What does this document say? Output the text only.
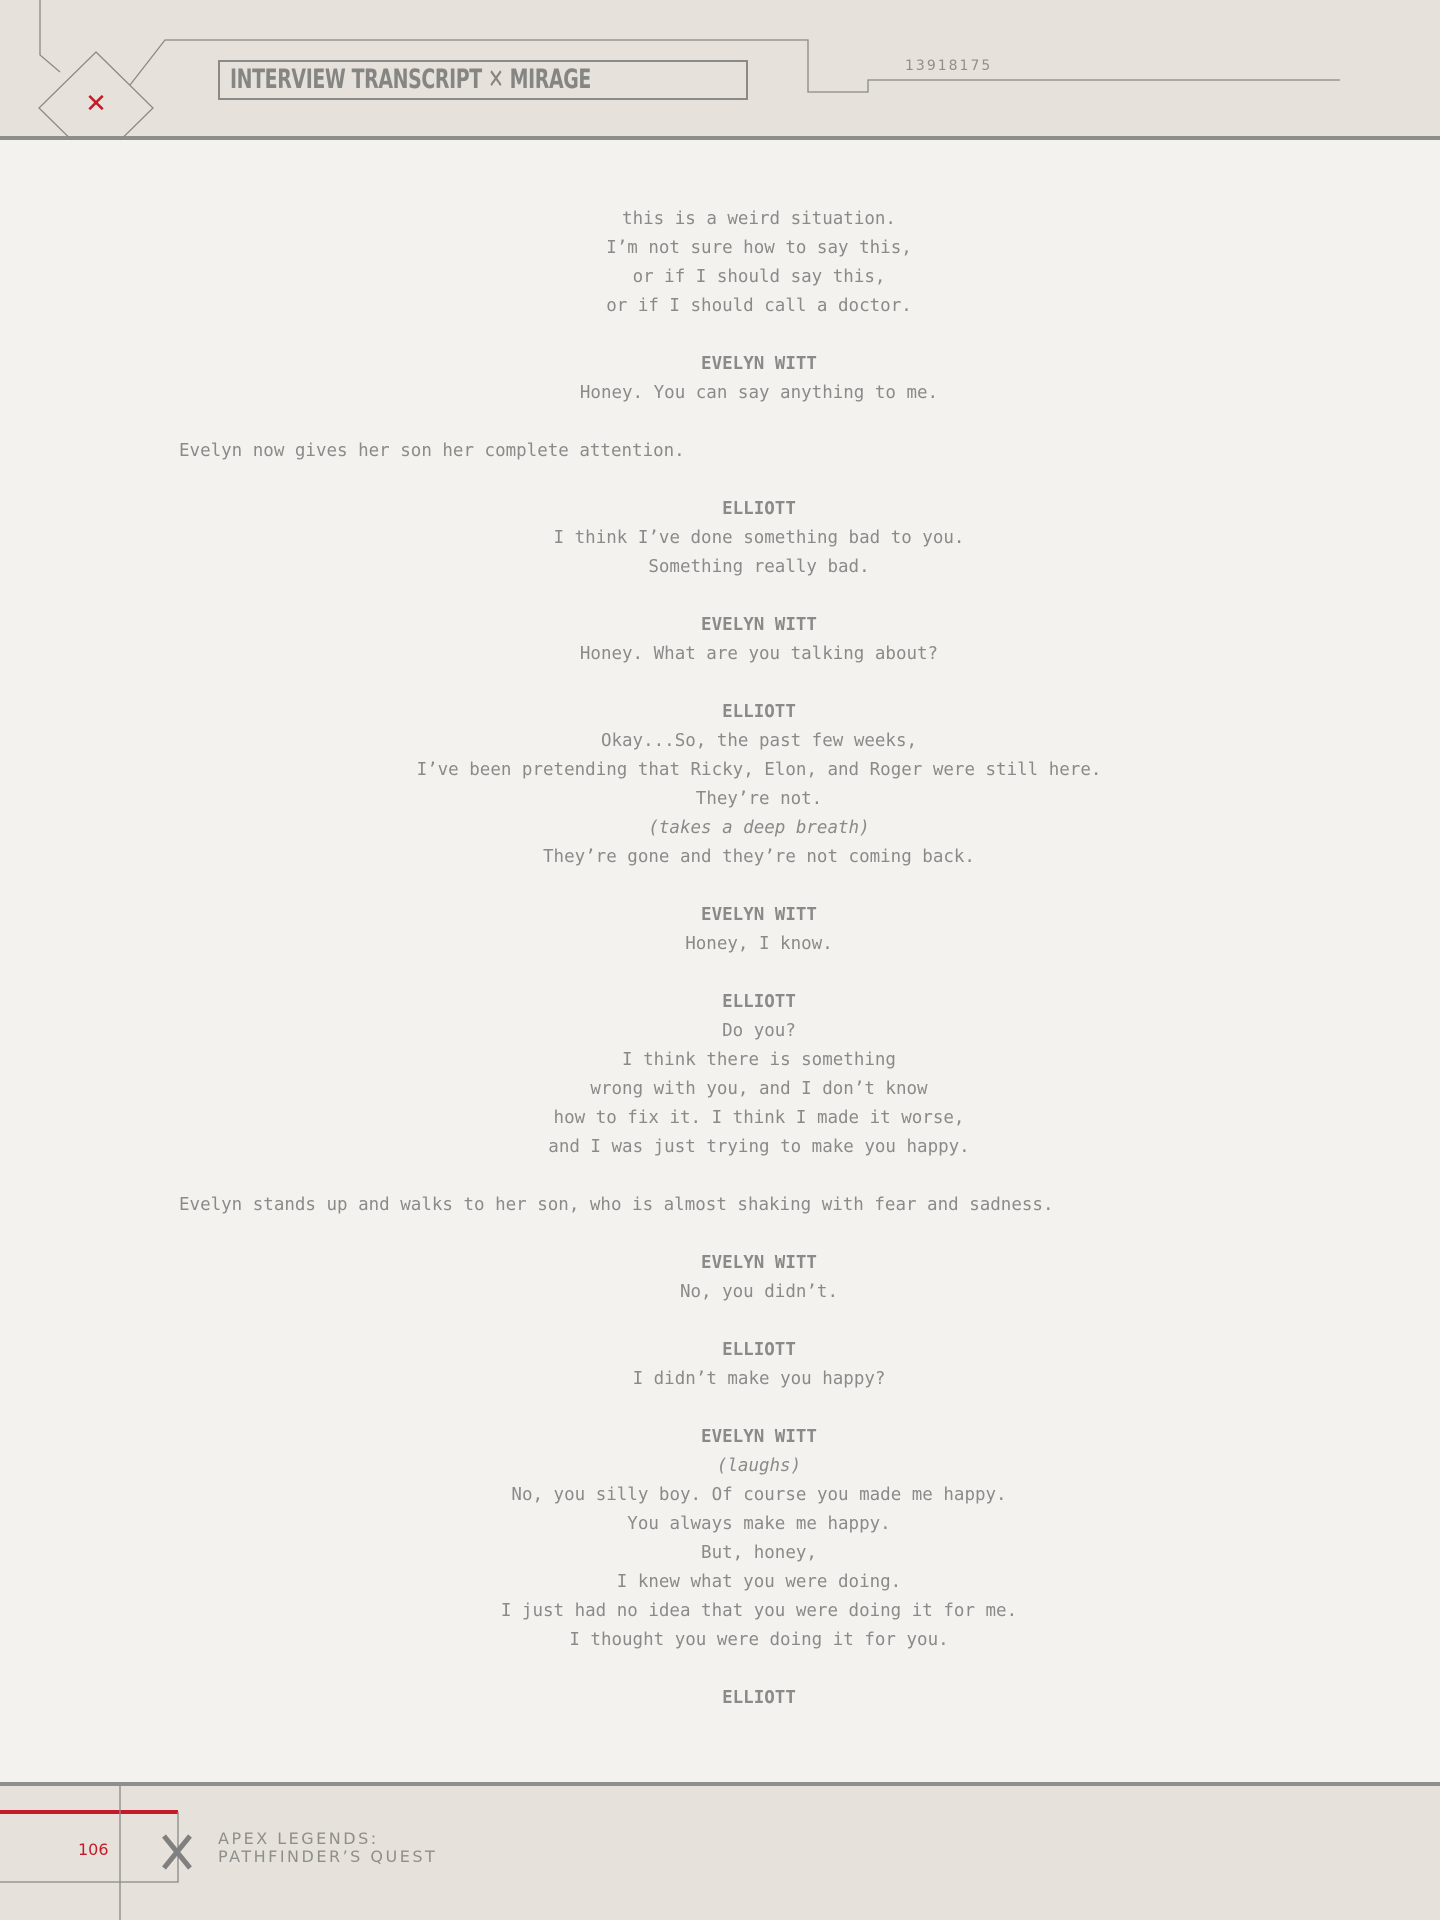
✕
INTERVIEW TRANSCRIPT ✕ MIRAGE	13918175
this is a weird situation.
I’m not sure how to say this,
or if I should say this,
or if I should call a doctor.
EVELYN WITT
Honey. You can say anything to me.
Evelyn now gives her son her complete attention.
ELLIOTT
I think I’ve done something bad to you.
Something really bad.
EVELYN WITT
Honey. What are you talking about?
ELLIOTT
Okay...So, the past few weeks,
I’ve been pretending that Ricky, Elon, and Roger were still here.
They’re not.
(takes a deep breath)
They’re gone and they’re not coming back.
EVELYN WITT
Honey, I know.
ELLIOTT
Do you?
I think there is something
wrong with you, and I don’t know
how to fix it. I think I made it worse,
and I was just trying to make you happy.
Evelyn stands up and walks to her son, who is almost shaking with fear and sadness.
EVELYN WITT
No, you didn’t.
ELLIOTT
I didn’t make you happy?
EVELYN WITT
(laughs)
No, you silly boy. Of course you made me happy.
You always make me happy.
But, honey,
I knew what you were doing.
I just had no idea that you were doing it for me.
I thought you were doing it for you.
ELLIOTT
106
APEX LEGENDS:
PATHFINDER’S QUEST
